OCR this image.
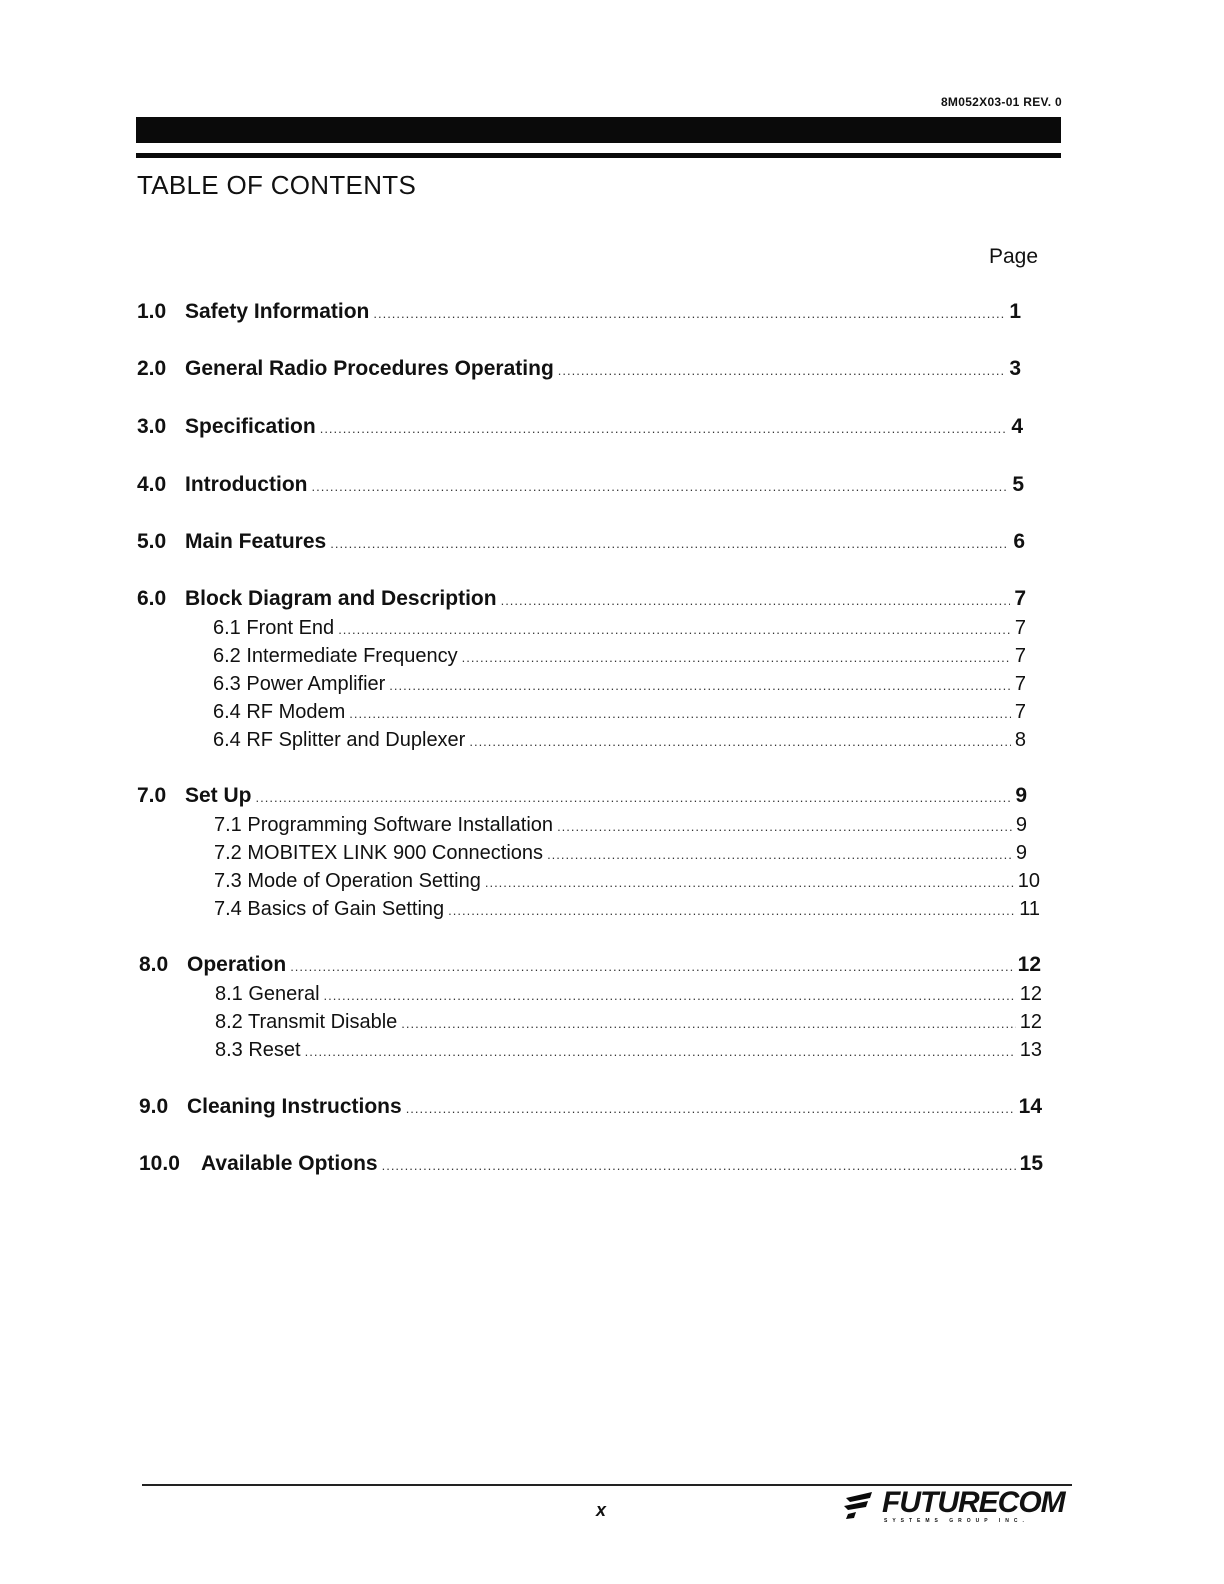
8M052X03-01 REV. 0
TABLE OF CONTENTS
Page
1.0 Safety Information .....	1
2.0 General Radio Procedures Operating .....	3
3.0 Specification .....	4
4.0 Introduction .....	5
5.0 Main Features .....	6
6.0 Block Diagram and Description .....	7
6.1 Front End .....	7
6.2 Intermediate Frequency .....	7
6.3 Power Amplifier .....	7
6.4 RF Modem .....	7
6.4 RF Splitter and Duplexer .....	8
7.0 Set Up .....	9
7.1 Programming Software Installation .....	9
7.2 MOBITEX LINK 900 Connections .....	9
7.3 Mode of Operation Setting .....	10
7.4 Basics of Gain Setting .....	11
8.0 Operation .....	12
8.1 General .....	12
8.2 Transmit Disable .....	12
8.3 Reset .....	13
9.0 Cleaning Instructions .....	14
10.0	Available Options .....	15
x	FUTURECOM
SYSTEMS GROUP INC.
